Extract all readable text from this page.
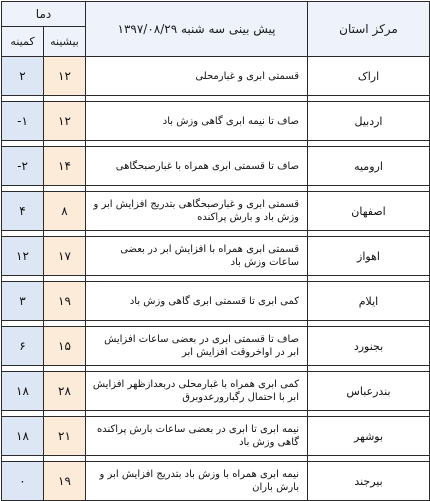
دما		پیش بینی سه شنبه ۱۳۹۷/۰۸/۲۹	مرکز استان
کمینه	بیشینه		
۲	۱۲	قسمتی ابری و غبارمحلی	اراک

-۱	۱۲	صاف تا نیمه ابری گاهی وزش باد	اردبیل

-۲	۱۴	صاف تا قسمتی ابری همراه با غبارصبحگاهی	ارومیه

۴	۸	قسمتی ابری و غبارصبحگاهی بتدریج افزایش ابر و وزش باد و بارش پراکنده	اصفهان

۱۲	۱۷	قسمتی ابری همراه با افزایش ابر در بعضی ساعات وزش باد	اهواز

۳	۱۹	کمی ابری تا قسمتی ابری گاهی وزش باد	ایلام

۶	۱۵	صاف تا قسمتی ابری در بعضی ساعات افزایش ابر در اواخروقت افزایش ابر	بجنورد

۱۸	۲۸	کمی ابری همراه با غبارمحلی دربعدازظهر افزایش ابر با احتمال رگبارورعدوبرق	بندرعباس

۱۸	۲۱	نیمه ابری تا ابری در بعضی ساعات بارش پراکنده گاهی وزش باد	بوشهر

۰	۱۹	نیمه ابری همراه با وزش باد بتدریج افزایش ابر و بارش باران	بیرجند
